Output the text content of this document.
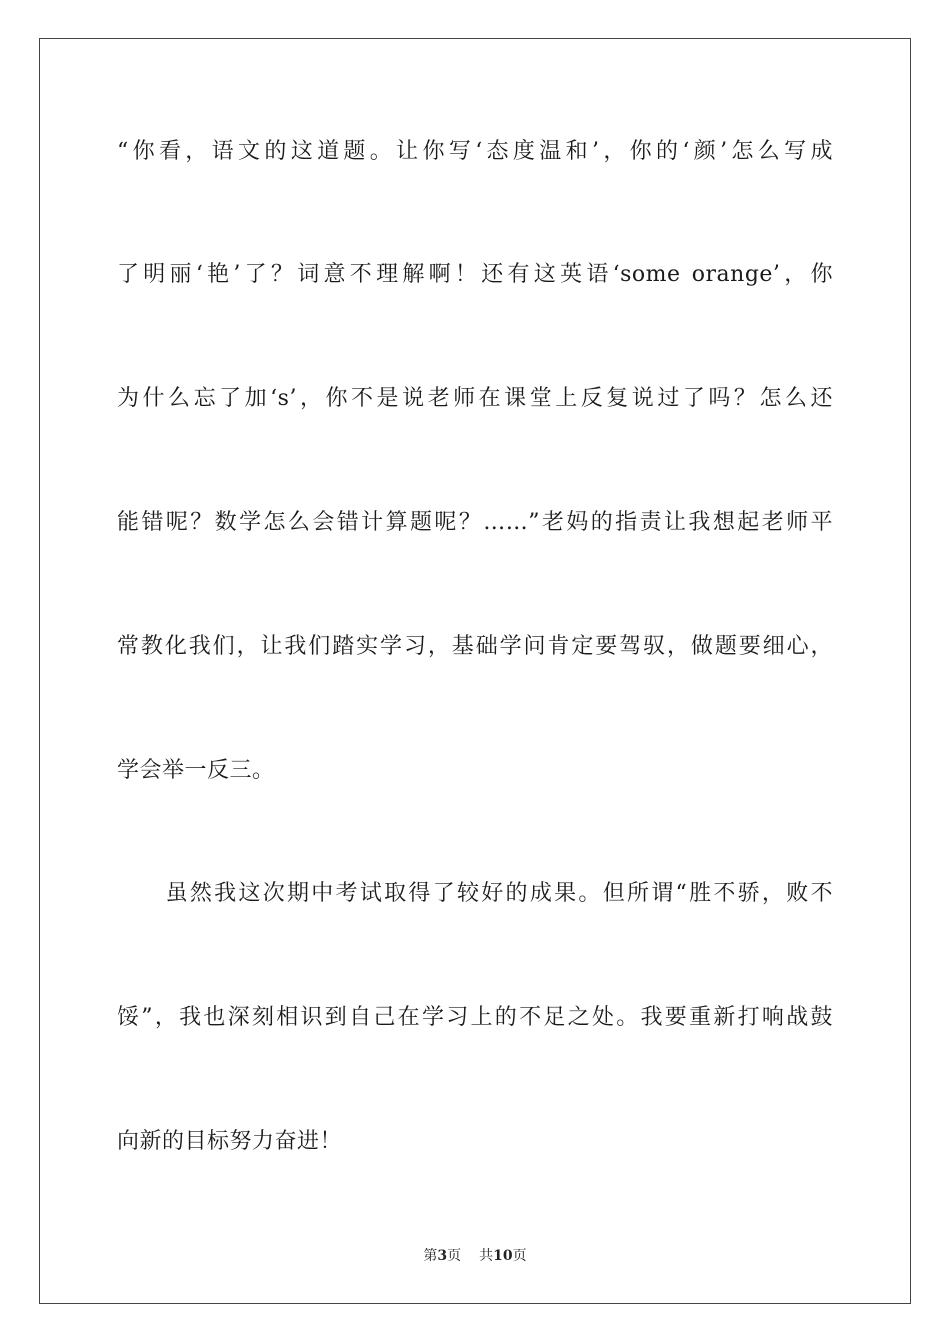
“你看，语文的这道题。让你写‘态度温和’，你的‘颜’怎么写成
了明丽‘艳’了？词意不理解啊！还有这英语‘some orange’，你
为什么忘了加‘s’，你不是说老师在课堂上反复说过了吗？怎么还
能错呢？数学怎么会错计算题呢？……”老妈的指责让我想起老师平
常教化我们，让我们踏实学习，基础学问肯定要驾驭，做题要细心，
学会举一反三。
　　虽然我这次期中考试取得了较好的成果。但所谓“胜不骄，败不
馁”，我也深刻相识到自己在学习上的不足之处。我要重新打响战鼓
向新的目标努力奋进！
第3页 共10页
